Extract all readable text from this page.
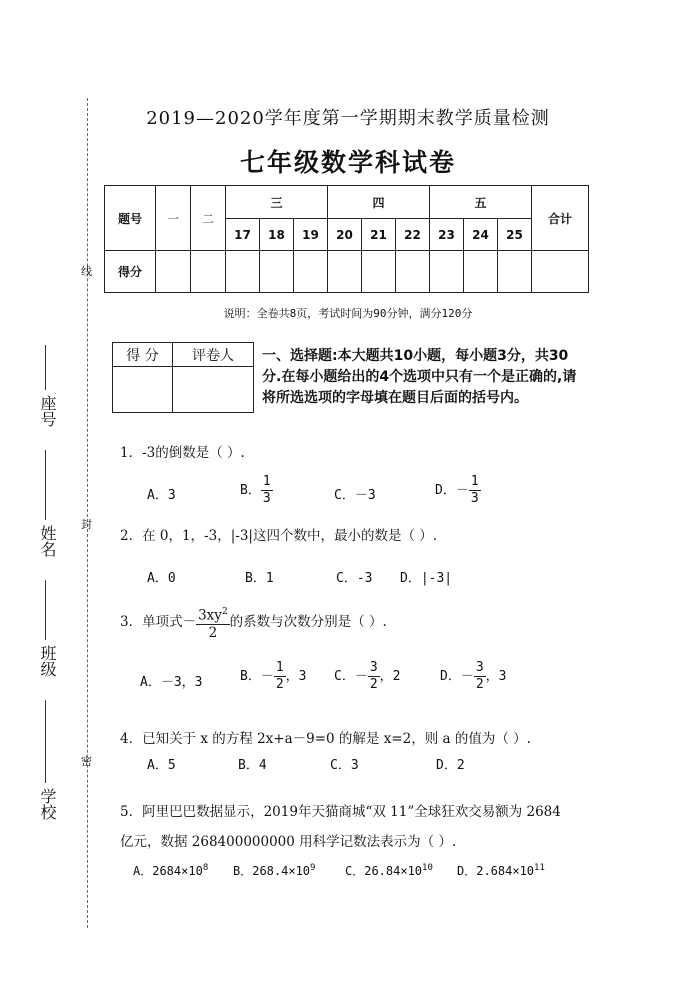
2019—2020学年度第一学期期末教学质量检测
七年级数学科试卷
线
封
密
座号
姓名
班级
学校
题号	一	二	三			四			五			合计
			17	18	19	20	21	22	23	24	25	
得分												
说明：全卷共8页，考试时间为90分钟，满分120分
得 分	评卷人
	一、选择题:本大题共10小题，每小题3分，共30分.在每小题给出的4个选项中只有一个是正确的,请将所选选项的字母填在题目后面的括号内。
1．-3的倒数是（ ）.
A．3	B． $\frac{1}{3}$	C．－3	D．－ $\frac{1}{3}$
2．在 0，1，-3，|-3|这四个数中，最小的数是（ ）.
A．0	B．1	C．-3 D．|-3|
3．单项式－ $\frac{3xy^2}{2}$ 的系数与次数分别是（ ）.
A．－3，3	B．－ $\frac{1}{2}$ ，3 C．－ $\frac{3}{2}$ ，2	D．－ $\frac{3}{2}$ ，3
4．已知关于 x 的方程 2x+a－9=0 的解是 x=2，则 a 的值为（ ）.
A．5	B．4	C．3	D．2
5．阿里巴巴数据显示，2019年天猫商城“双 11”全球狂欢交易额为 2684
亿元，数据 268400000000 用科学记数法表示为（ ）.
A．$2684\times 10^8$ B．$268.4\times 10^9$ C．$26.84\times 10^{10}$ D．$2.684\times 10^{11}$
